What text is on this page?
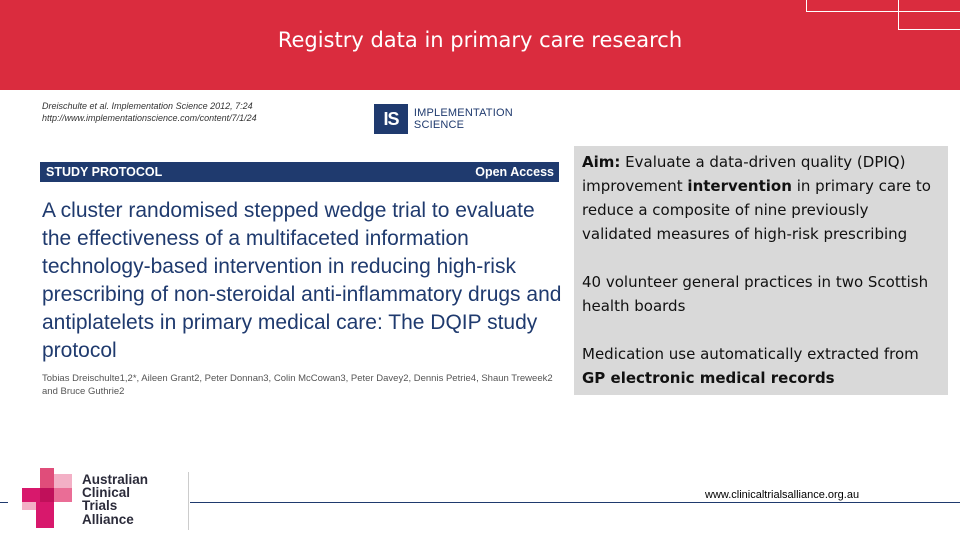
Registry data in primary care research
Dreischulte et al. Implementation Science 2012, 7:24
http://www.implementationscience.com/content/7/1/24	IS	IMPLEMENTATION SCIENCE
STUDY PROTOCOL	Open Access
A cluster randomised stepped wedge trial to evaluate the effectiveness of a multifaceted information technology-based intervention in reducing high-risk prescribing of non-steroidal anti-inflammatory drugs and antiplatelets in primary medical care: The DQIP study protocol
Tobias Dreischulte1,2*, Aileen Grant2, Peter Donnan3, Colin McCowan3, Peter Davey2, Dennis Petrie4, Shaun Treweek2 and Bruce Guthrie2

Aim: Evaluate a data-driven quality (DPIQ) improvement intervention in primary care to reduce a composite of nine previously validated measures of high-risk prescribing

40 volunteer general practices in two Scottish health boards

Medication use automatically extracted from GP electronic medical records

Australian
Clinical
Trials
Alliance
www.clinicaltrialsalliance.org.au
